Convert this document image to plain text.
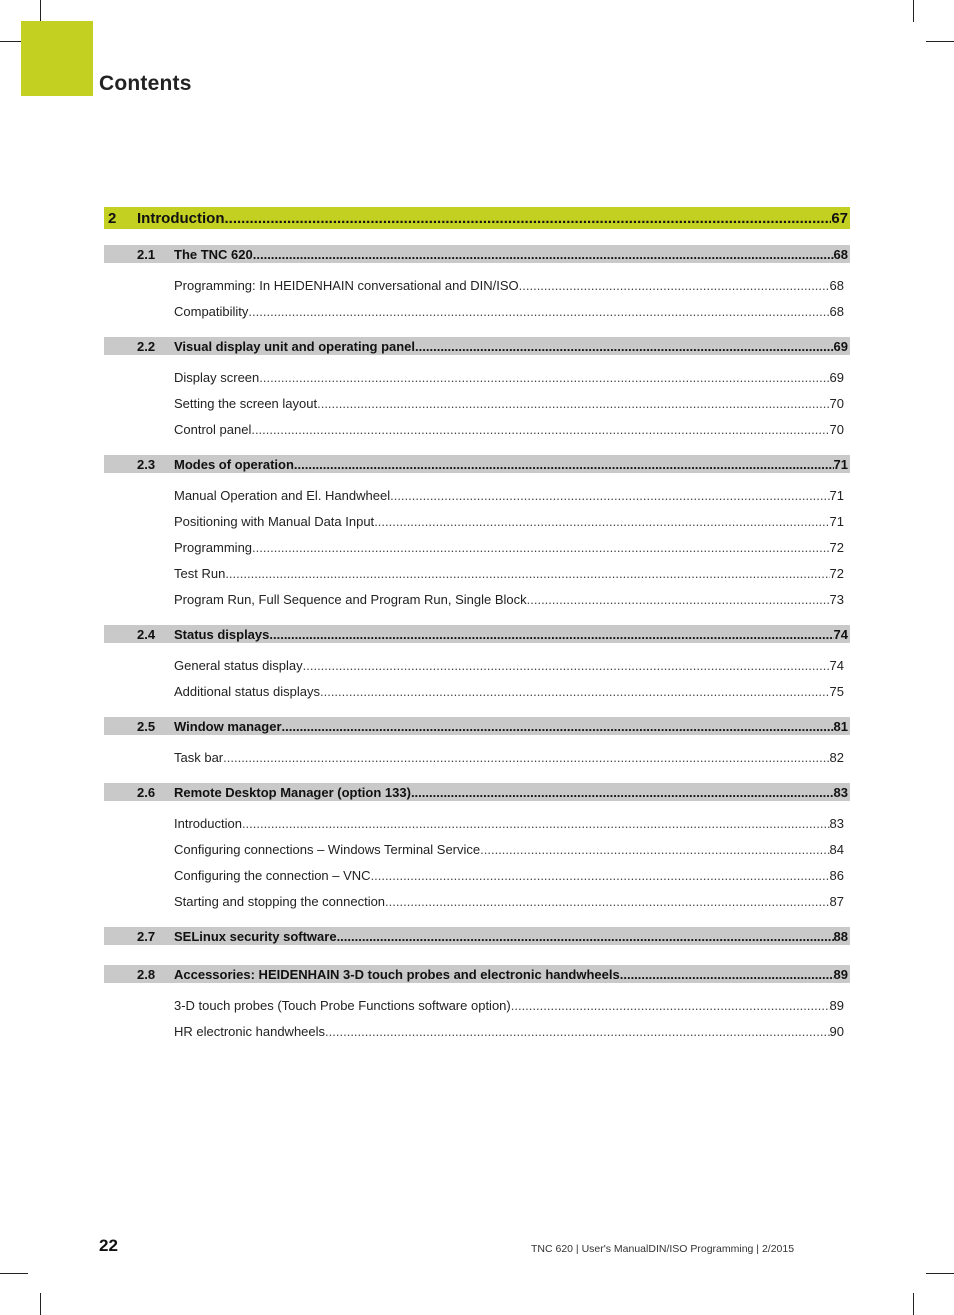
Contents
2	Introduction .....	67
2.1	The TNC 620 .....	68
Programming: In HEIDENHAIN conversational and DIN/ISO .....	68
Compatibility .....	68
2.2	Visual display unit and operating panel .....	69
Display screen .....	69
Setting the screen layout .....	70
Control panel .....	70
2.3	Modes of operation .....	71
Manual Operation and El. Handwheel .....	71
Positioning with Manual Data Input .....	71
Programming .....	72
Test Run .....	72
Program Run, Full Sequence and Program Run, Single Block .....	73
2.4	Status displays .....	74
General status display .....	74
Additional status displays .....	75
2.5	Window manager .....	81
Task bar .....	82
2.6	Remote Desktop Manager (option 133) .....	83
Introduction .....	83
Configuring connections – Windows Terminal Service .....	84
Configuring the connection – VNC .....	86
Starting and stopping the connection .....	87
2.7	SELinux security software .....	88
2.8	Accessories: HEIDENHAIN 3-D touch probes and electronic handwheels .....	89
3-D touch probes (Touch Probe Functions software option) .....	89
HR electronic handwheels .....	90
22	TNC 620 | User's ManualDIN/ISO Programming | 2/2015
